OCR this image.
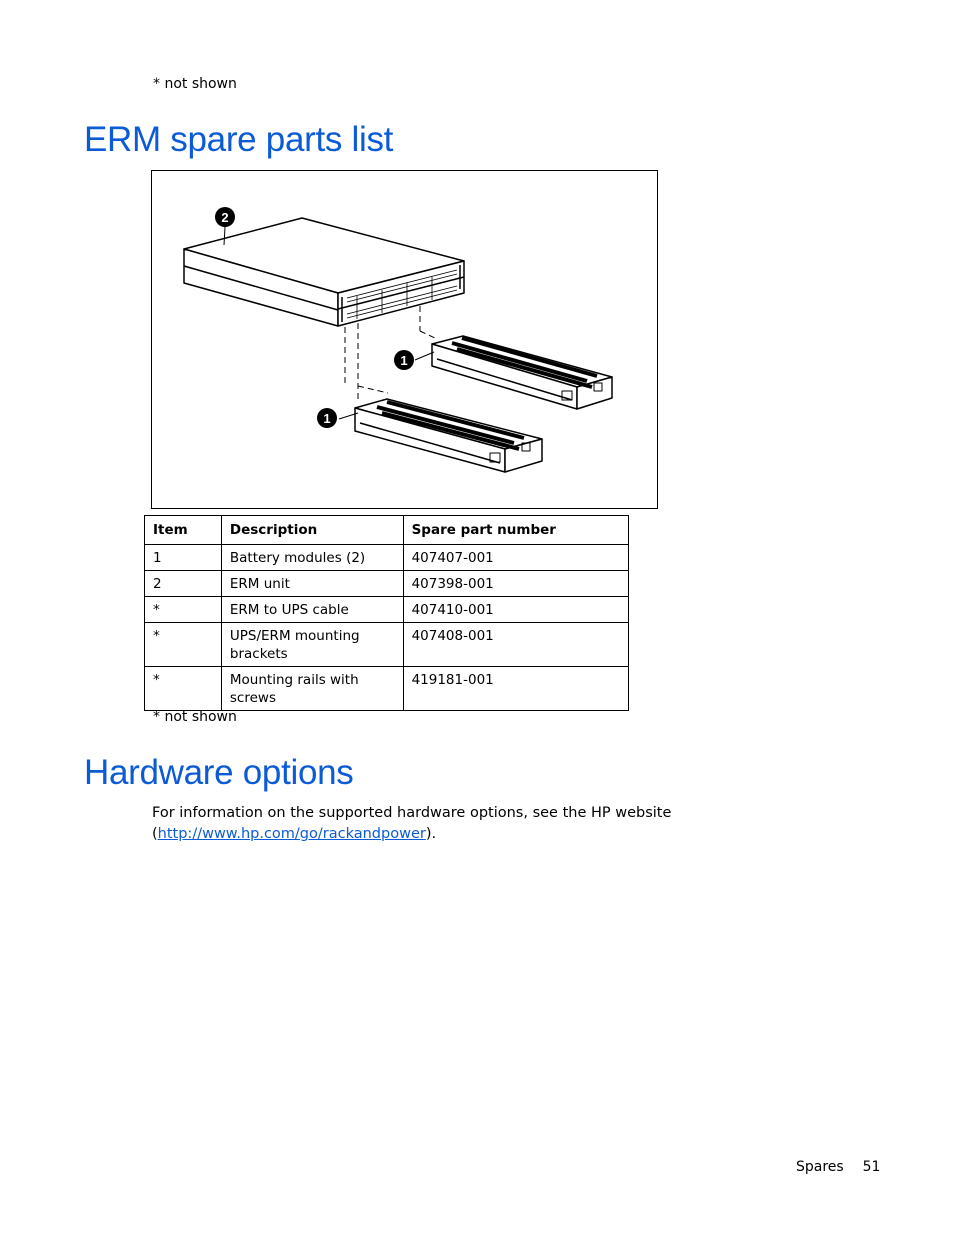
* not shown
ERM spare parts list
2
1
1
Item	Description	Spare part number
1	Battery modules (2)	407407-001
2	ERM unit	407398-001
*	ERM to UPS cable	407410-001
*	UPS/ERM mounting brackets	407408-001
*	Mounting rails with screws	419181-001
* not shown
Hardware options
For information on the supported hardware options, see the HP website
(http://www.hp.com/go/rackandpower).
Spares 51
